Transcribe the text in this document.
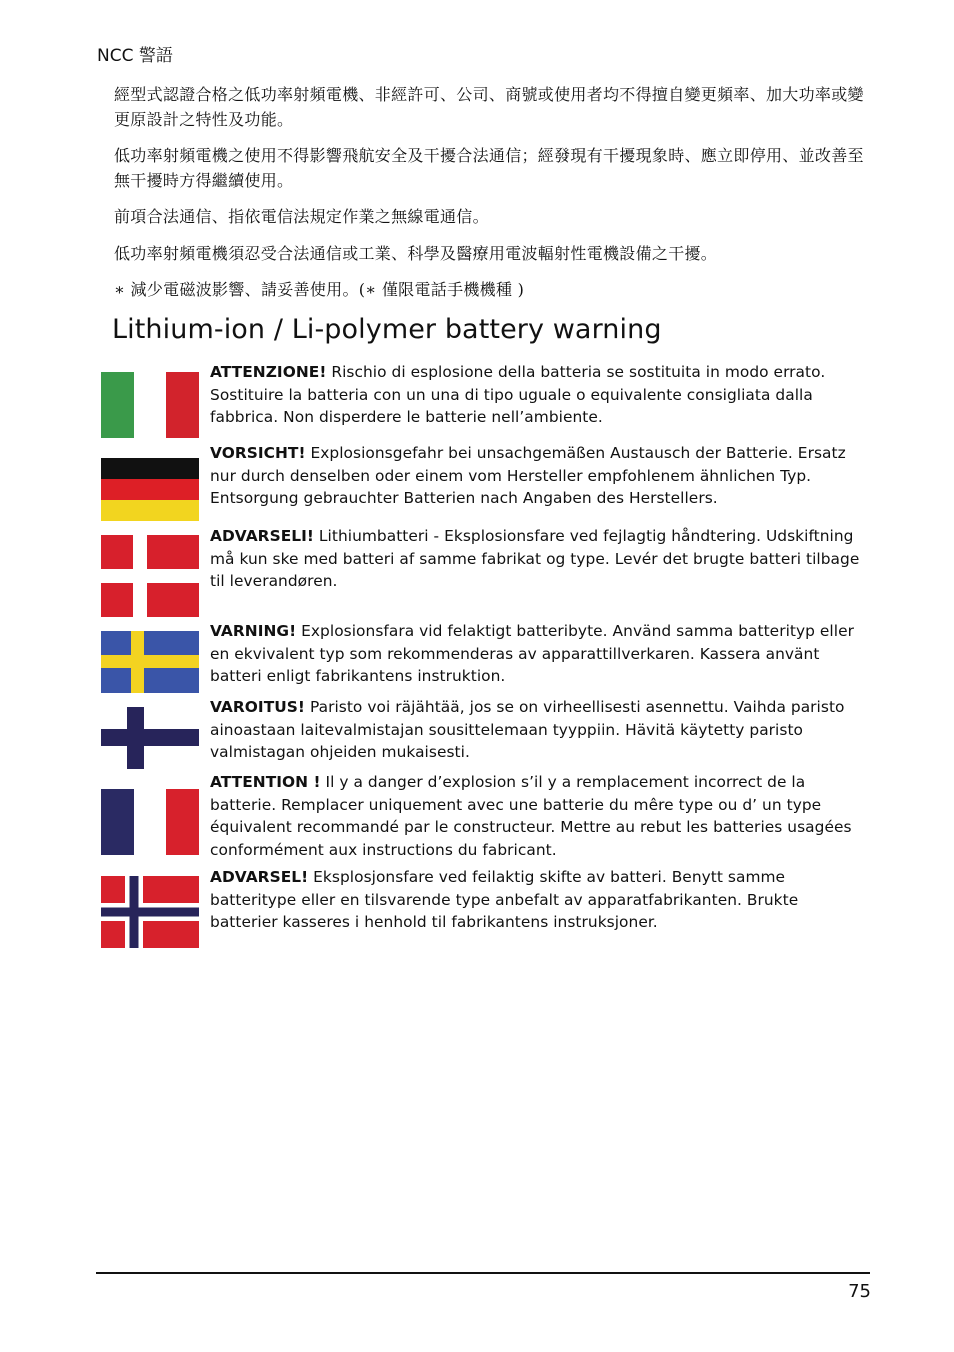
NCC 警語

經型式認證合格之低功率射頻電機、非經許可、公司、商號或使用者均不得擅自變更頻率、加大功率或變更原設計之特性及功能。

低功率射頻電機之使用不得影響飛航安全及干擾合法通信；經發現有干擾現象時、應立即停用、並改善至無干擾時方得繼續使用。

前項合法通信、指依電信法規定作業之無線電通信。

低功率射頻電機須忍受合法通信或工業、科學及醫療用電波輻射性電機設備之干擾。

∗ 減少電磁波影響、請妥善使用。(∗ 僅限電話手機機種 )

Lithium-ion / Li-polymer battery warning
ATTENZIONE! Rischio di esplosione della batteria se sostituita in modo errato. Sostituire la batteria con un una di tipo uguale o equivalente consigliata dalla fabbrica. Non disperdere le batterie nell’ambiente.
VORSICHT! Explosionsgefahr bei unsachgemäßen Austausch der Batterie. Ersatz nur durch denselben oder einem vom Hersteller empfohlenem ähnlichen Typ. Entsorgung gebrauchter Batterien nach Angaben des Herstellers.
ADVARSELI! Lithiumbatteri - Eksplosionsfare ved fejlagtig håndtering. Udskiftning må kun ske med batteri af samme fabrikat og type. Levér det brugte batteri tilbage til leverandøren.
VARNING! Explosionsfara vid felaktigt batteribyte. Använd samma batterityp eller en ekvivalent typ som rekommenderas av apparattillverkaren. Kassera använt batteri enligt fabrikantens instruktion.
VAROITUS! Paristo voi räjähtää, jos se on virheellisesti asennettu. Vaihda paristo ainoastaan laitevalmistajan sousittelemaan tyyppiin. Hävitä käytetty paristo valmistagan ohjeiden mukaisesti.
ATTENTION ! Il y a danger d’explosion s’il y a remplacement incorrect de la batterie. Remplacer uniquement avec une batterie du mêre type ou d’ un type équivalent recommandé par le constructeur. Mettre au rebut les batteries usagées conformément aux instructions du fabricant.
ADVARSEL! Eksplosjonsfare ved feilaktig skifte av batteri. Benytt samme batteritype eller en tilsvarende type anbefalt av apparatfabrikanten. Brukte batterier kasseres i henhold til fabrikantens instruksjoner.
75
